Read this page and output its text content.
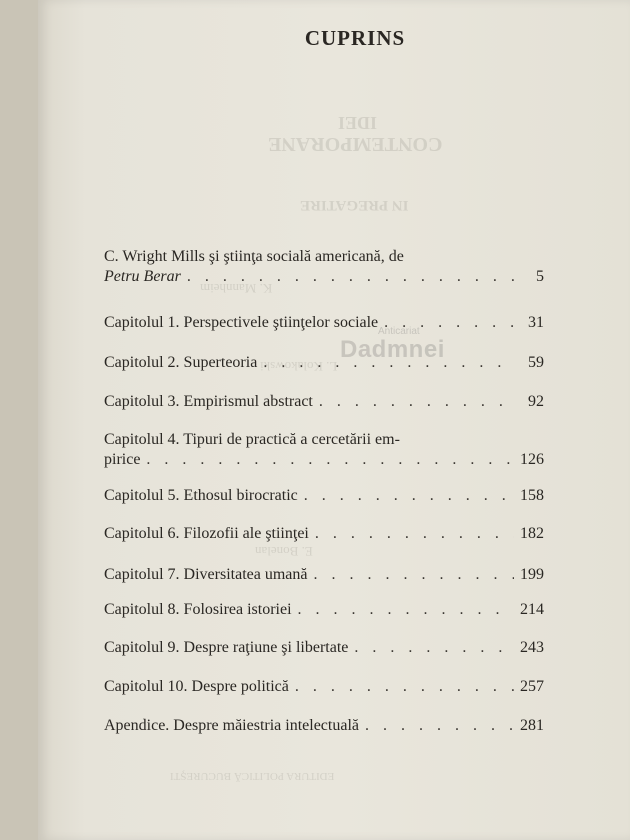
IDEI
CONTEMPORANE
IN PREGATIRE
K. Mannheim
L. Kolakowski
E. Bonelan
EDITURA POLITICĂ BUCUREŞTI
Anticariat
Dadmnei
CUPRINS
C. Wright Mills şi ştiinţa socială americană, de
Petru Berar . . .	5
Capitolul 1. Perspectivele ştiinţelor sociale . . .	31
Capitolul 2. Superteoria . . .	59
Capitolul 3. Empirismul abstract . . .	92
Capitolul 4. Tipuri de practică a cercetării em-
pirice . . .	126
Capitolul 5. Ethosul birocratic . . .	158
Capitolul 6. Filozofii ale ştiinţei . . .	182
Capitolul 7. Diversitatea umană . . .	199
Capitolul 8. Folosirea istoriei . . .	214
Capitolul 9. Despre raţiune şi libertate . . .	243
Capitolul 10. Despre politică . . .	257
Apendice. Despre măiestria intelectuală . . .	281
